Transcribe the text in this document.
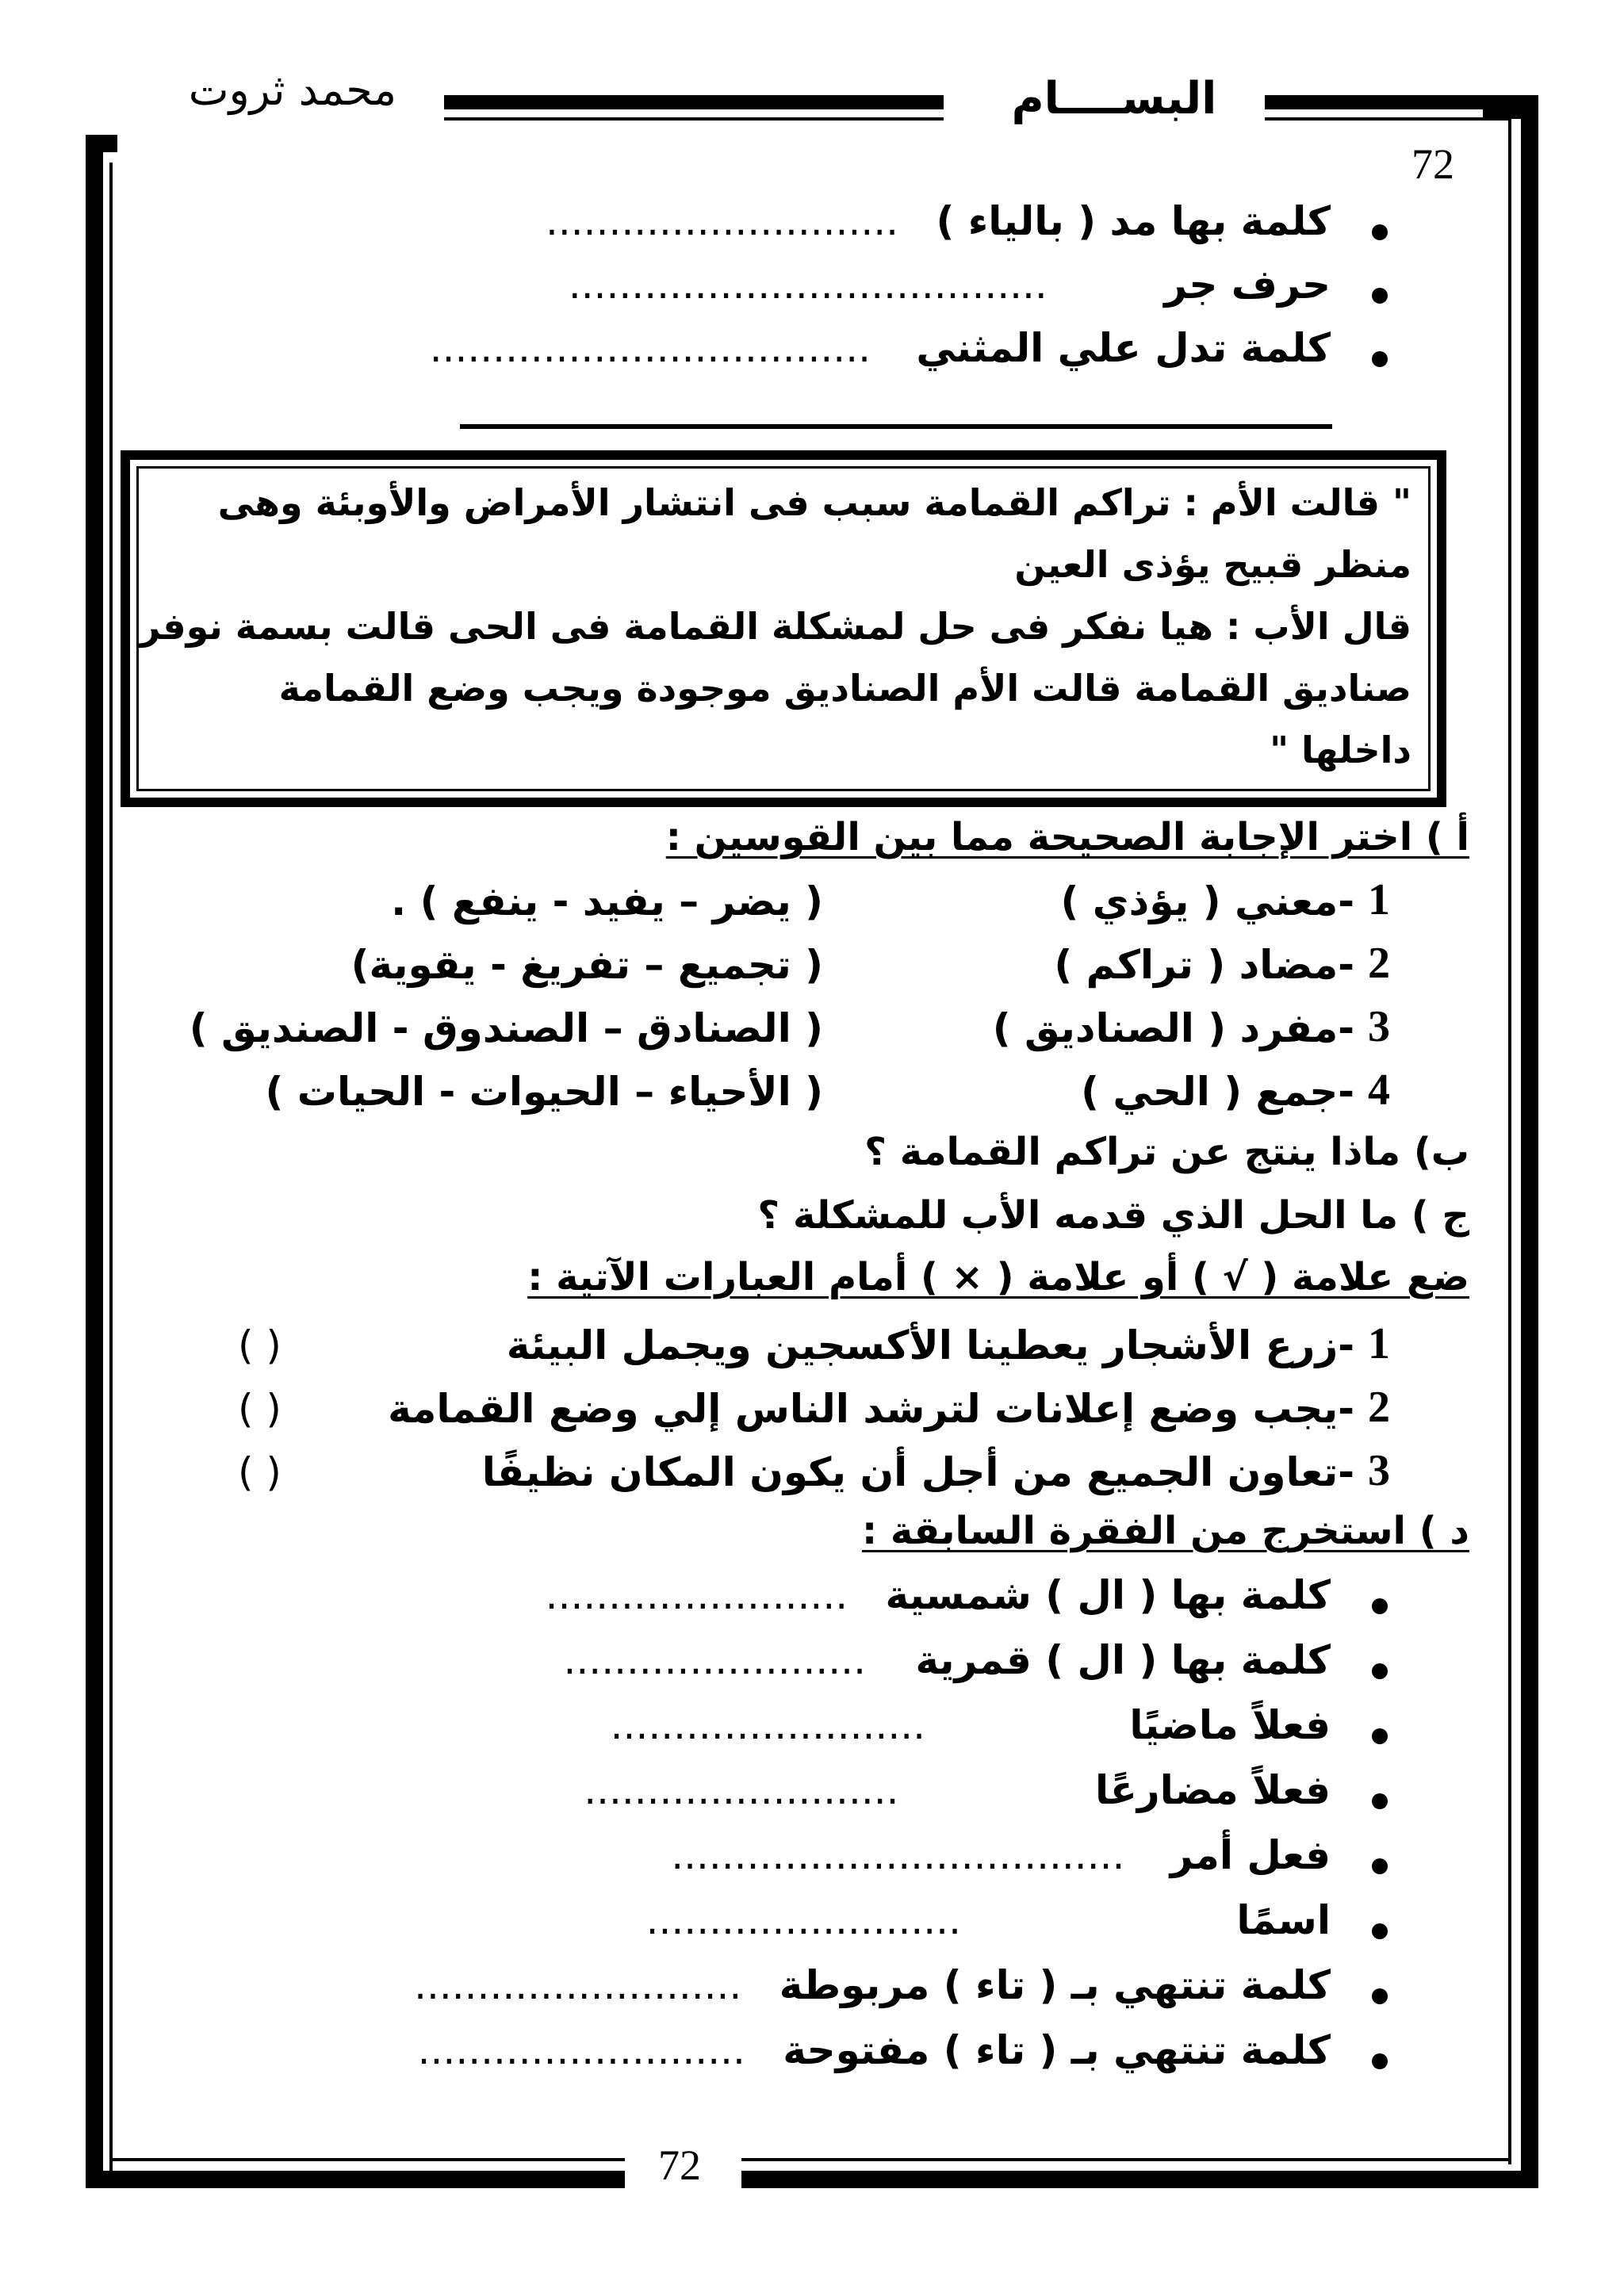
البســــام
محمد ثروت
72
كلمة بها مد ( بالياء ) ............................
حرف جر ......................................
كلمة تدل علي المثني ...................................
" قالت الأم : تراكم القمامة سبب فى انتشار الأمراض والأوبئة وهى
منظر قبيح يؤذى العين
قال الأب : هيا نفكر فى حل لمشكلة القمامة فى الحى قالت بسمة نوفر
صناديق القمامة قالت الأم الصناديق موجودة ويجب وضع القمامة
داخلها "
أ ) اختر الإجابة الصحيحة مما بين القوسين :
1
-معني ( يؤذي )
( يضر – يفيد - ينفع ) .
2
-مضاد ( تراكم )
( تجميع – تفريغ - يقوية)
3
-مفرد ( الصناديق )
( الصنادق – الصندوق - الصنديق )
4
-جمع ( الحي )
( الأحياء – الحيوات - الحيات )
ب) ماذا ينتج عن تراكم القمامة ؟
ج ) ما الحل الذي قدمه الأب للمشكلة ؟
ضع علامة ( √ ) أو علامة ( × ) أمام العبارات الآتية :
1
-زرع الأشجار يعطينا الأكسجين ويجمل البيئة
( )
2
-يجب وضع إعلانات لترشد الناس إلي وضع القمامة
( )
3
-تعاون الجميع من أجل أن يكون المكان نظيفًا
( )
د ) استخرج من الفقرة السابقة :
كلمة بها ( ال ) شمسية ........................
كلمة بها ( ال ) قمرية ........................
فعلاً ماضيًا .........................
فعلاً مضارعًا .........................
فعل أمر ....................................
اسمًا .........................
كلمة تنتهي بـ ( تاء ) مربوطة ..........................
كلمة تنتهي بـ ( تاء ) مفتوحة ..........................
72
